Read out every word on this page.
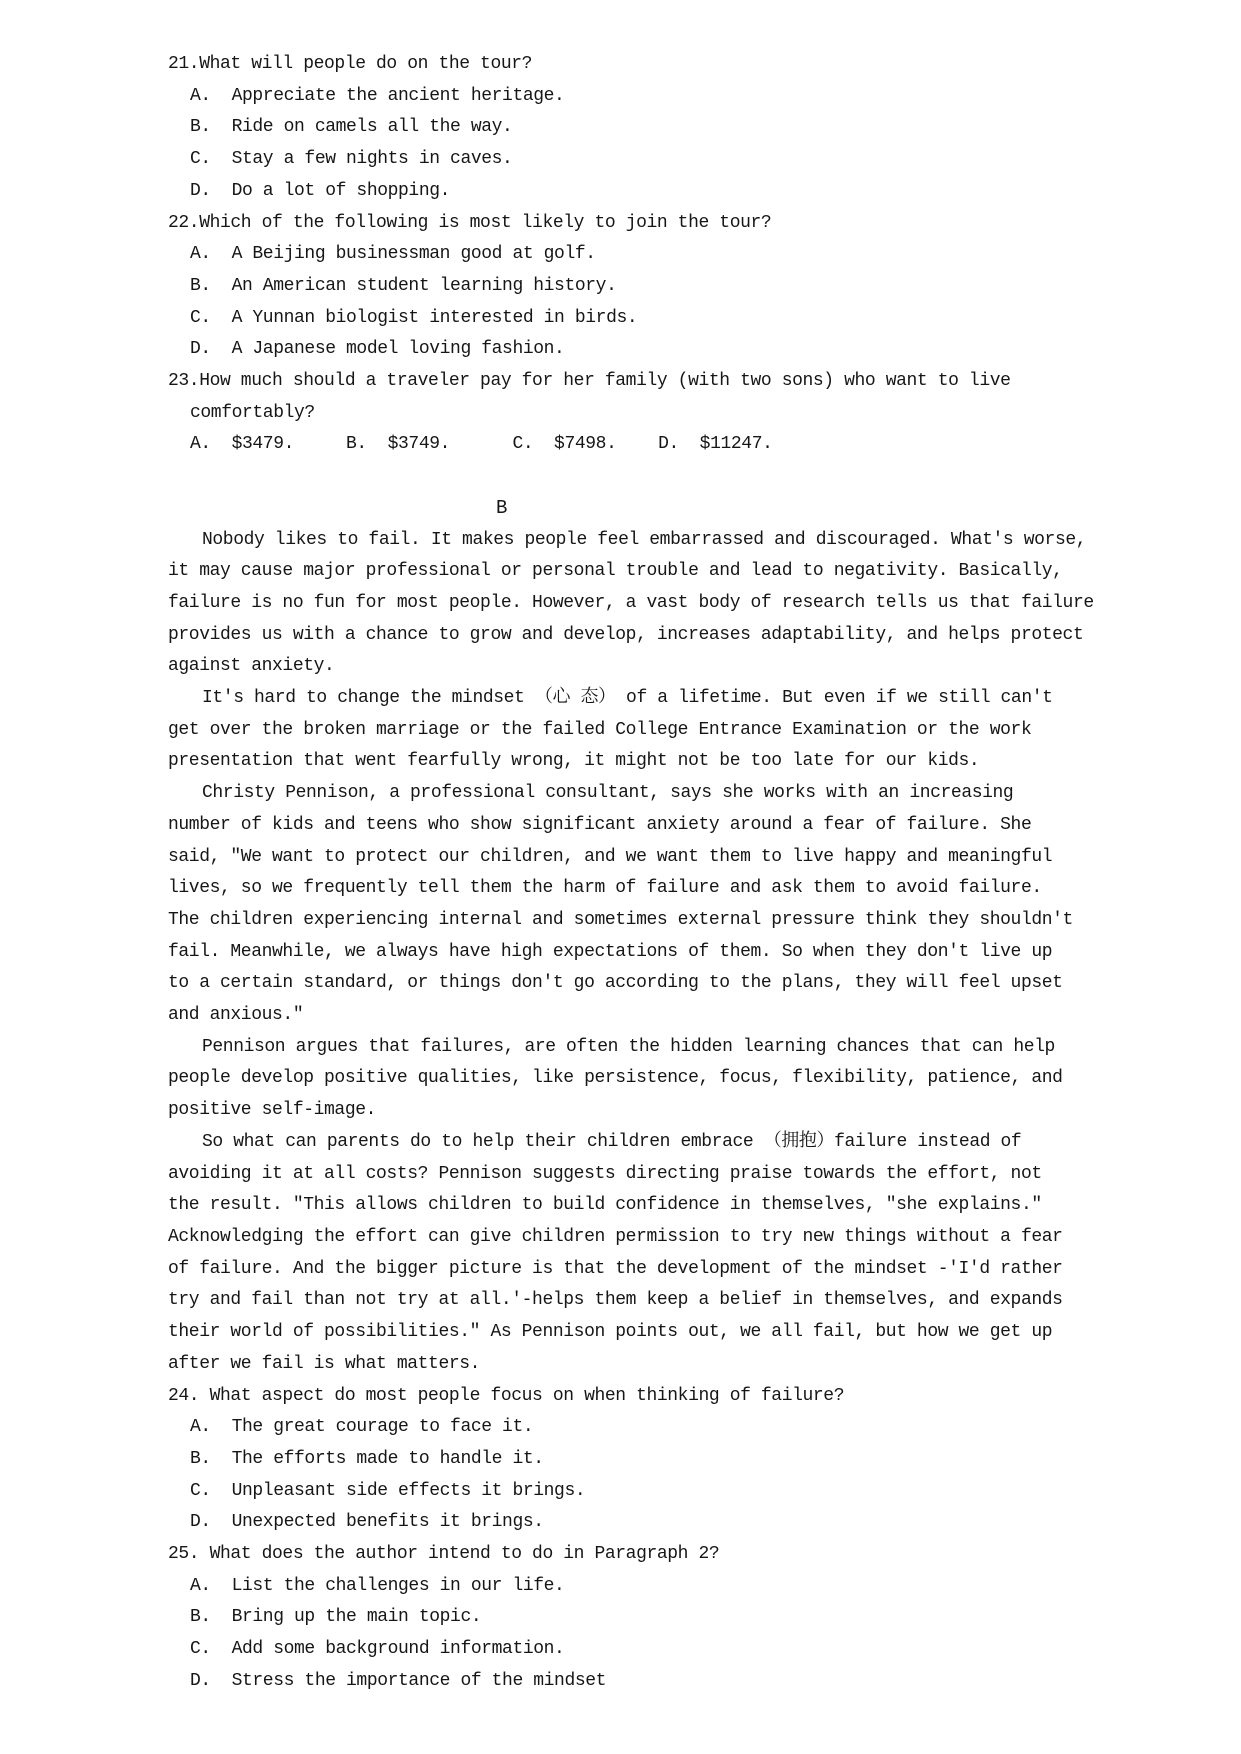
21.What will people do on the tour?
A.  Appreciate the ancient heritage.
B.  Ride on camels all the way.
C.  Stay a few nights in caves.
D.  Do a lot of shopping.
22.Which of the following is most likely to join the tour?
A.  A Beijing businessman good at golf.
B.  An American student learning history.
C.  A Yunnan biologist interested in birds.
D.  A Japanese model loving fashion.
23.How much should a traveler pay for her family (with two sons) who want to live
comfortably?
A.  $3479.     B.  $3749.      C.  $7498.    D.  $11247.
B
Nobody likes to fail. It makes people feel embarrassed and discouraged. What's worse,
it may cause major professional or personal trouble and lead to negativity. Basically,
failure is no fun for most people. However, a vast body of research tells us that failure
provides us with a chance to grow and develop, increases adaptability, and helps protect
against anxiety.
It's hard to change the mindset （心 态） of a lifetime. But even if we still can't
get over the broken marriage or the failed College Entrance Examination or the work
presentation that went fearfully wrong, it might not be too late for our kids.
Christy Pennison, a professional consultant, says she works with an increasing
number of kids and teens who show significant anxiety around a fear of failure. She
said, ″We want to protect our children, and we want them to live happy and meaningful
lives, so we frequently tell them the harm of failure and ask them to avoid failure.
The children experiencing internal and sometimes external pressure think they shouldn't
fail. Meanwhile, we always have high expectations of them. So when they don't live up
to a certain standard, or things don't go according to the plans, they will feel upset
and anxious.″
Pennison argues that failures, are often the hidden learning chances that can help
people develop positive qualities, like persistence, focus, flexibility, patience, and
positive self-image.
So what can parents do to help their children embrace （拥抱）failure instead of
avoiding it at all costs? Pennison suggests directing praise towards the effort, not
the result. ″This allows children to build confidence in themselves, ″she explains.″
Acknowledging the effort can give children permission to try new things without a fear
of failure. And the bigger picture is that the development of the mindset -'I'd rather
try and fail than not try at all.'-helps them keep a belief in themselves, and expands
their world of possibilities.″ As Pennison points out, we all fail, but how we get up
after we fail is what matters.
24. What aspect do most people focus on when thinking of failure?
A.  The great courage to face it.
B.  The efforts made to handle it.
C.  Unpleasant side effects it brings.
D.  Unexpected benefits it brings.
25. What does the author intend to do in Paragraph 2?
A.  List the challenges in our life.
B.  Bring up the main topic.
C.  Add some background information.
D.  Stress the importance of the mindset
